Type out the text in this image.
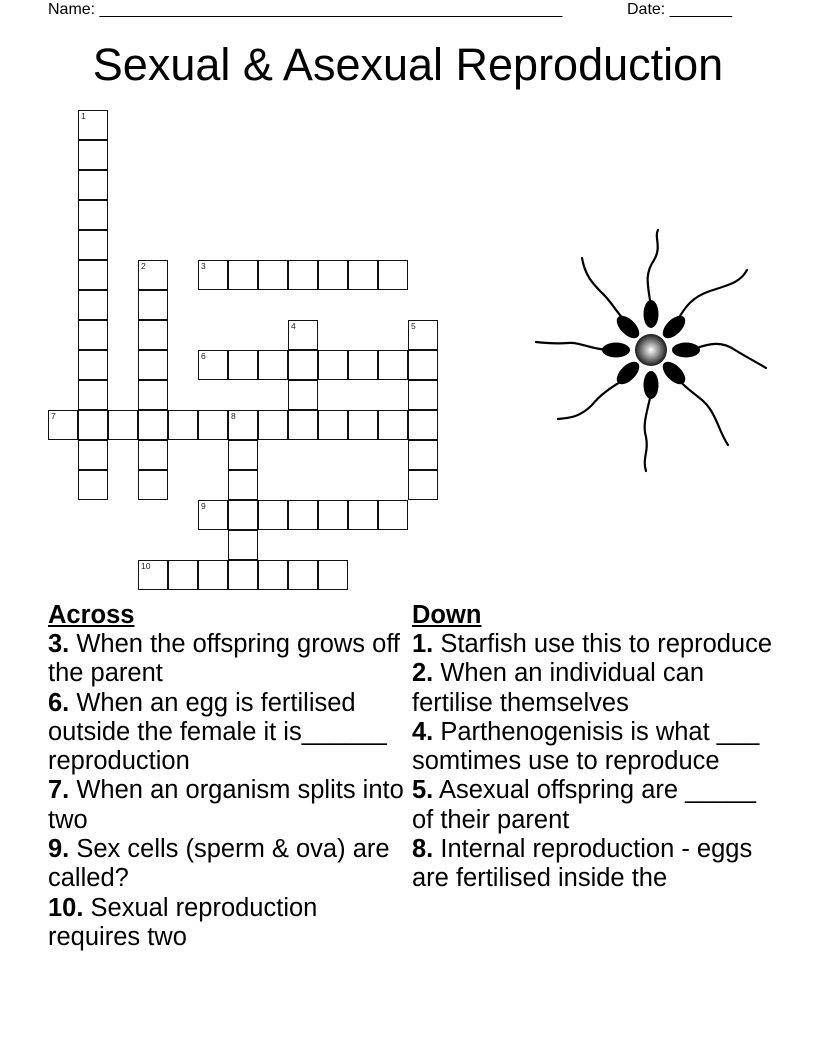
Name: ____________________________________________________	Date: _______
Sexual & Asexual Reproduction
1
2	3
4	5
6
7	8
9
10
Across
3. When the offspring grows off the parent
6. When an egg is fertilised outside the female it is______ reproduction
7. When an organism splits into two
9. Sex cells (sperm & ova) are called?
10. Sexual reproduction requires two
Down
1. Starfish use this to reproduce
2. When an individual can fertilise themselves
4. Parthenogenisis is what ___ somtimes use to reproduce
5. Asexual offspring are _____ of their parent
8. Internal reproduction - eggs are fertilised inside the
